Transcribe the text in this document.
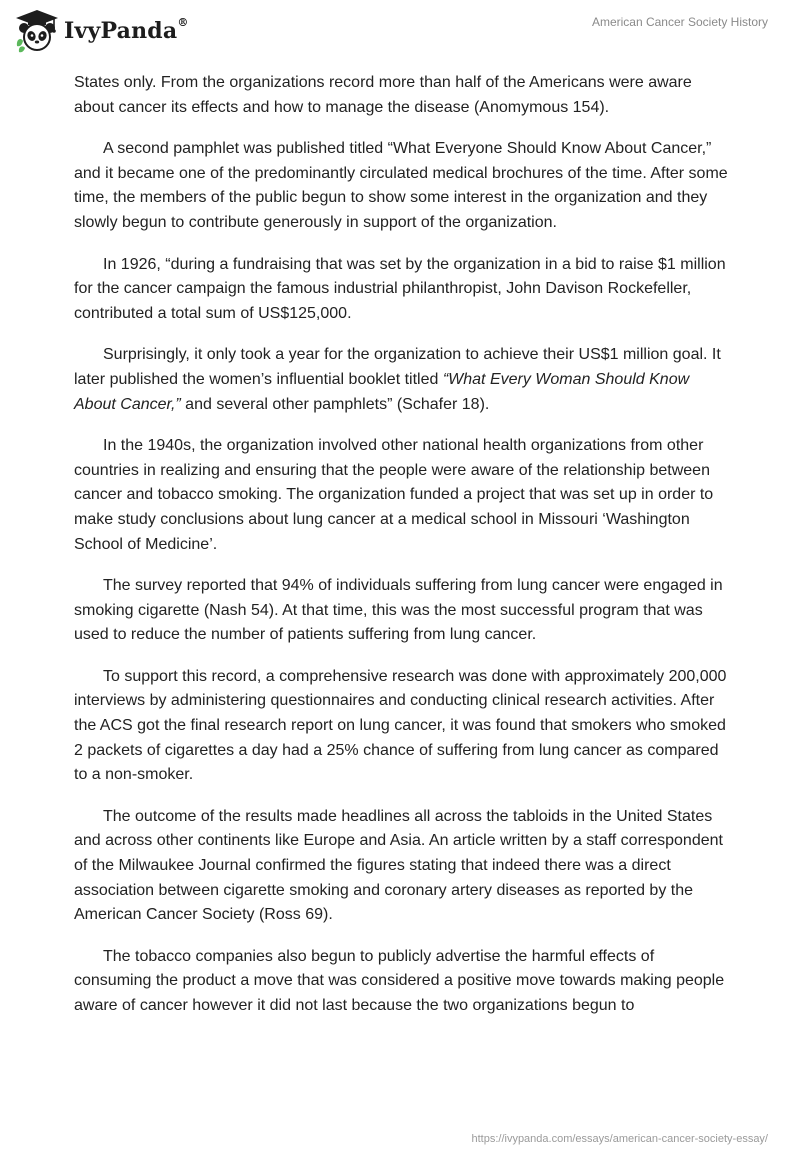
IvyPanda®	American Cancer Society History

States only. From the organizations record more than half of the Americans were aware about cancer its effects and how to manage the disease (Anomymous 154).

A second pamphlet was published titled “What Everyone Should Know About Cancer,” and it became one of the predominantly circulated medical brochures of the time. After some time, the members of the public begun to show some interest in the organization and they slowly begun to contribute generously in support of the organization.

In 1926, “during a fundraising that was set by the organization in a bid to raise $1 million for the cancer campaign the famous industrial philanthropist, John Davison Rockefeller, contributed a total sum of US$125,000.

Surprisingly, it only took a year for the organization to achieve their US$1 million goal. It later published the women’s influential booklet titled “What Every Woman Should Know About Cancer,” and several other pamphlets” (Schafer 18).

In the 1940s, the organization involved other national health organizations from other countries in realizing and ensuring that the people were aware of the relationship between cancer and tobacco smoking. The organization funded a project that was set up in order to make study conclusions about lung cancer at a medical school in Missouri ‘Washington School of Medicine’.

The survey reported that 94% of individuals suffering from lung cancer were engaged in smoking cigarette (Nash 54). At that time, this was the most successful program that was used to reduce the number of patients suffering from lung cancer.

To support this record, a comprehensive research was done with approximately 200,000 interviews by administering questionnaires and conducting clinical research activities. After the ACS got the final research report on lung cancer, it was found that smokers who smoked 2 packets of cigarettes a day had a 25% chance of suffering from lung cancer as compared to a non-smoker.

The outcome of the results made headlines all across the tabloids in the United States and across other continents like Europe and Asia. An article written by a staff correspondent of the Milwaukee Journal confirmed the figures stating that indeed there was a direct association between cigarette smoking and coronary artery diseases as reported by the American Cancer Society (Ross 69).

The tobacco companies also begun to publicly advertise the harmful effects of consuming the product a move that was considered a positive move towards making people aware of cancer however it did not last because the two organizations begun to

https://ivypanda.com/essays/american-cancer-society-essay/
